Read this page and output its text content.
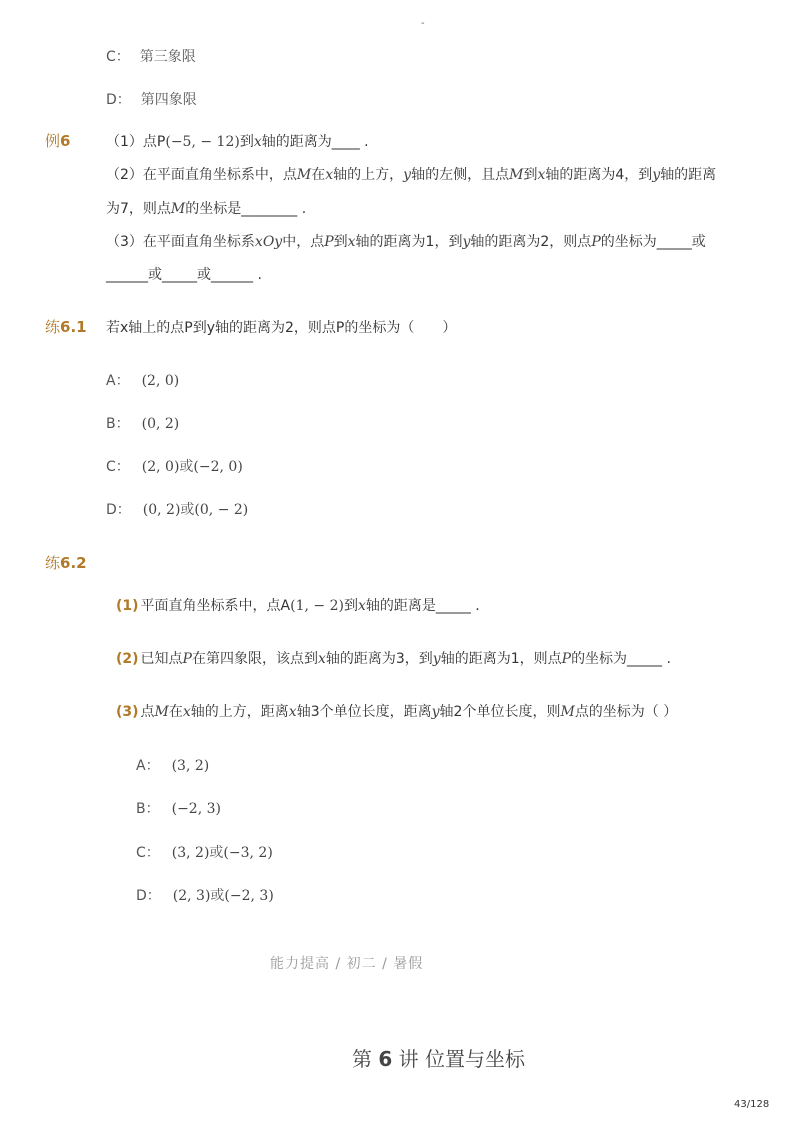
-
C： 第三象限
D： 第四象限
例6	（1）点P(−5, − 12)到x轴的距离为____ .
（2）在平面直角坐标系中，点M在x轴的上方，y轴的左侧，且点M到x轴的距离为4，到y轴的距离
为7，则点M的坐标是________ .
（3）在平面直角坐标系xOy中，点P到x轴的距离为1，到y轴的距离为2，则点P的坐标为_____或
______或_____或______ .
练6.1 若x轴上的点P到y轴的距离为2，则点P的坐标为（　　）
A： (2, 0)
B： (0, 2)
C： (2, 0)或(−2, 0)
D： (0, 2)或(0, − 2)
练6.2
(1) 平面直角坐标系中，点A(1, − 2)到x轴的距离是_____ .
(2) 已知点P在第四象限，该点到x轴的距离为3，到y轴的距离为1，则点P的坐标为_____ .
(3) 点M在x轴的上方，距离x轴3个单位长度，距离y轴2个单位长度，则M点的坐标为（ ）
A： (3, 2)
B： (−2, 3)
C： (3, 2)或(−3, 2)
D： (2, 3)或(−2, 3)
能力提高 / 初二 / 暑假
第 6 讲 位置与坐标
43/128
